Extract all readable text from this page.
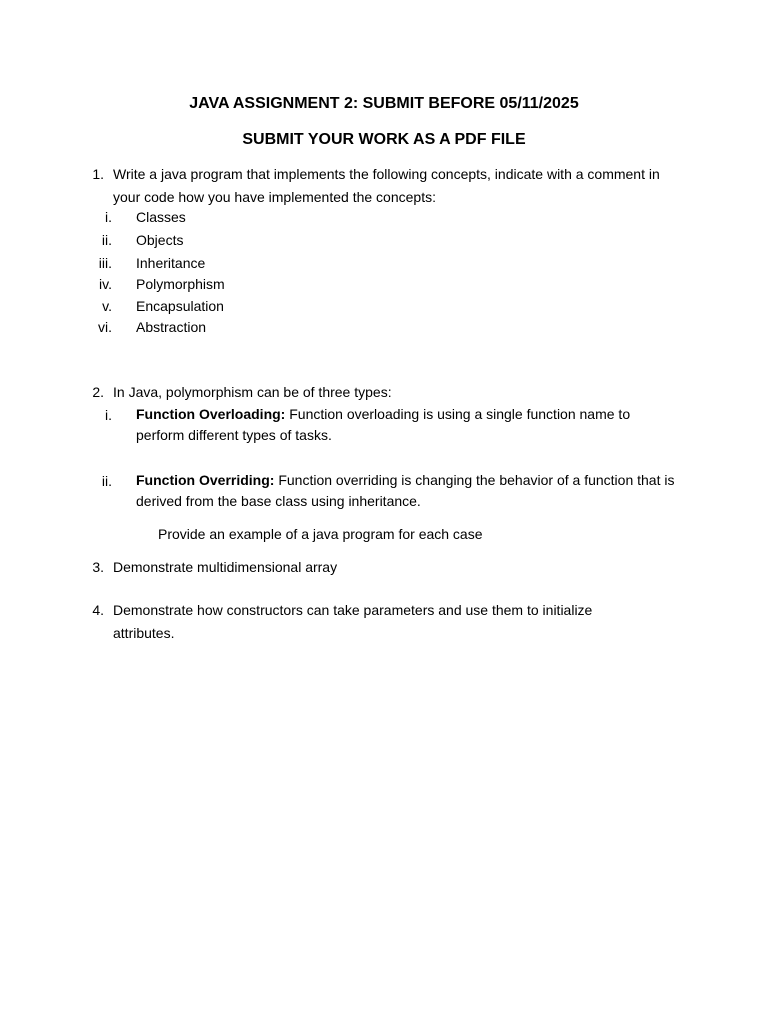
JAVA ASSIGNMENT 2: SUBMIT BEFORE 05/11/2025
SUBMIT YOUR WORK AS A PDF FILE
1. Write a java program that implements the following concepts, indicate with a comment in your code how you have implemented the concepts:
i. Classes
ii. Objects
iii. Inheritance
iv. Polymorphism
v. Encapsulation
vi. Abstraction
2. In Java, polymorphism can be of three types:
i. Function Overloading: Function overloading is using a single function name to perform different types of tasks.
ii. Function Overriding: Function overriding is changing the behavior of a function that is derived from the base class using inheritance.
Provide an example of a java program for each case
3. Demonstrate multidimensional array
4. Demonstrate how constructors can take parameters and use them to initialize attributes.
